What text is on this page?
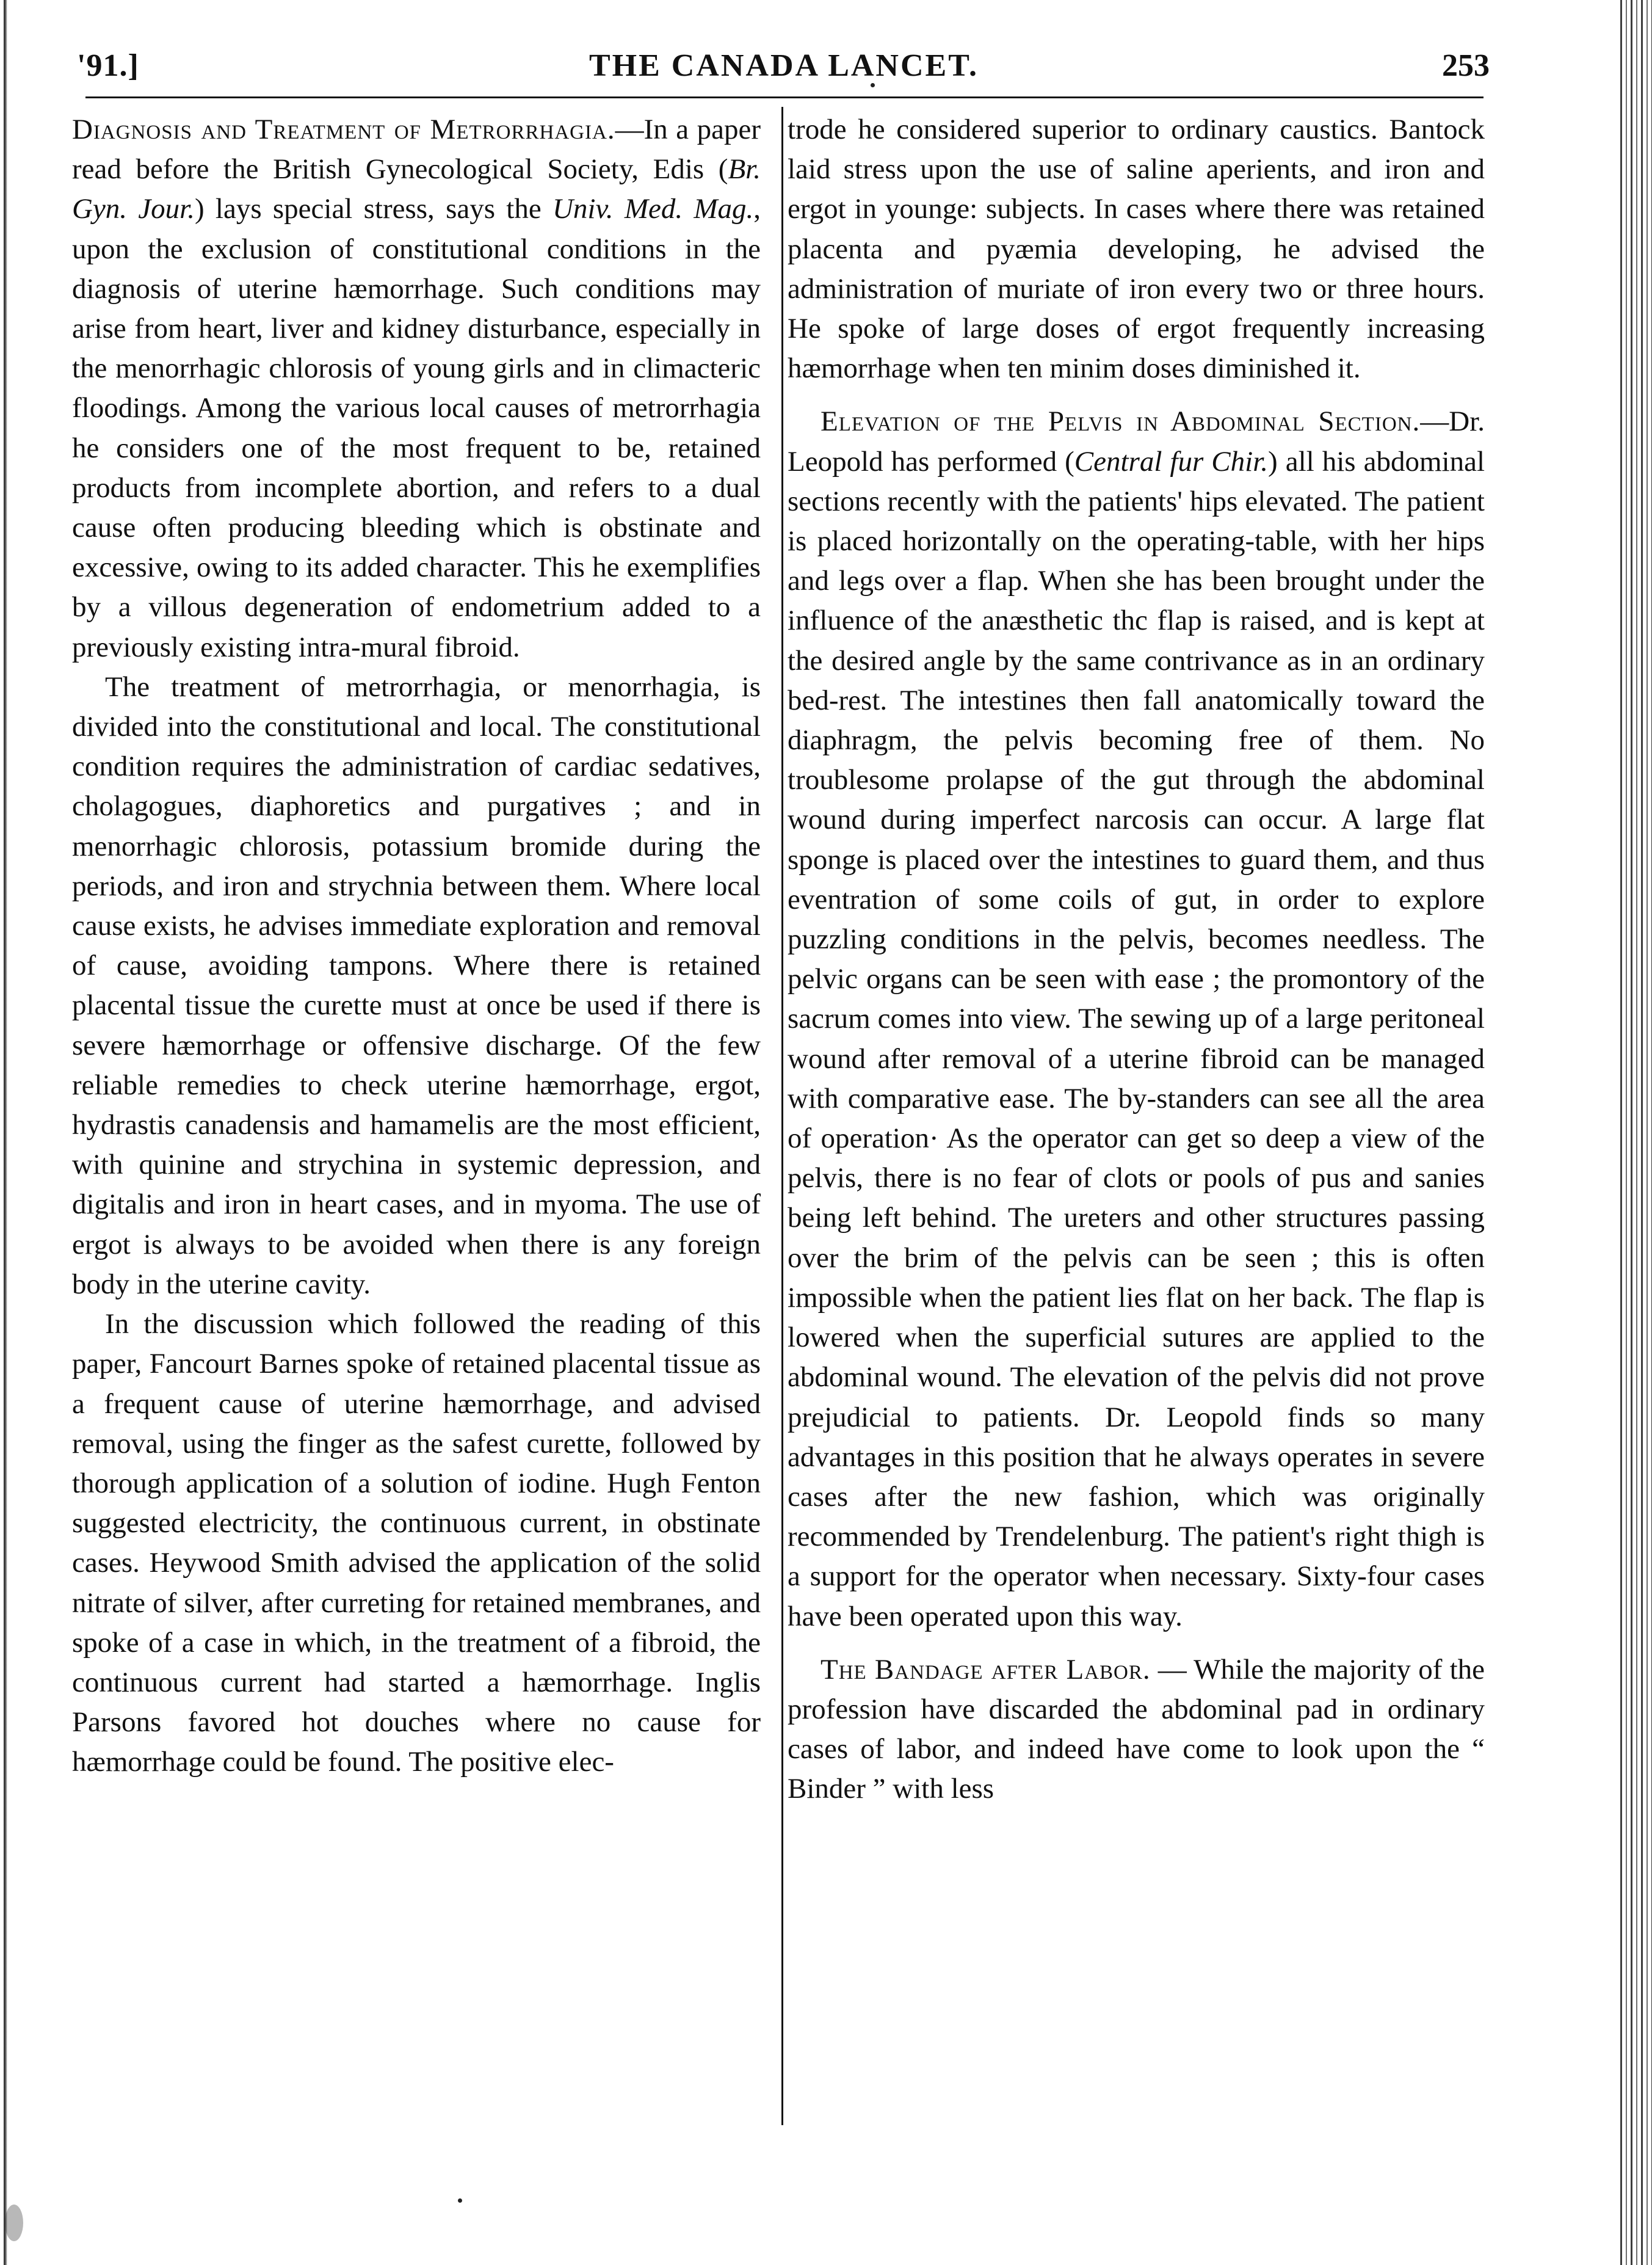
'91.]	THE CANADA LANCET.	253

Diagnosis and Treatment of Metrorrhagia.—In a paper read before the British Gynecological Society, Edis (Br. Gyn. Jour.) lays special stress, says the Univ. Med. Mag., upon the exclusion of constitutional conditions in the diagnosis of uterine hæmorrhage. Such conditions may arise from heart, liver and kidney disturbance, especially in the menorrhagic chlorosis of young girls and in climacteric floodings. Among the various local causes of metrorrhagia he considers one of the most frequent to be, retained products from incomplete abortion, and refers to a dual cause often producing bleeding which is obstinate and excessive, owing to its added character. This he exemplifies by a villous degeneration of endometrium added to a previously existing intra-mural fibroid.

The treatment of metrorrhagia, or menorrhagia, is divided into the constitutional and local. The constitutional condition requires the administration of cardiac sedatives, cholagogues, diaphoretics and purgatives ; and in menorrhagic chlorosis, potassium bromide during the periods, and iron and strychnia between them. Where local cause exists, he advises immediate exploration and removal of cause, avoiding tampons. Where there is retained placental tissue the curette must at once be used if there is severe hæmorrhage or offensive discharge. Of the few reliable remedies to check uterine hæmorrhage, ergot, hydrastis canadensis and hamamelis are the most efficient, with quinine and strychina in systemic depression, and digitalis and iron in heart cases, and in myoma. The use of ergot is always to be avoided when there is any foreign body in the uterine cavity.

In the discussion which followed the reading of this paper, Fancourt Barnes spoke of retained placental tissue as a frequent cause of uterine hæmorrhage, and advised removal, using the finger as the safest curette, followed by thorough application of a solution of iodine. Hugh Fenton suggested electricity, the continuous current, in obstinate cases. Heywood Smith advised the application of the solid nitrate of silver, after curreting for retained membranes, and spoke of a case in which, in the treatment of a fibroid, the continuous current had started a hæmorrhage. Inglis Parsons favored hot douches where no cause for hæmorrhage could be found. The positive elec-

trode he considered superior to ordinary caustics. Bantock laid stress upon the use of saline aperients, and iron and ergot in younge: subjects. In cases where there was retained placenta and pyæmia developing, he advised the administration of muriate of iron every two or three hours. He spoke of large doses of ergot frequently increasing hæmorrhage when ten minim doses diminished it.

Elevation of the Pelvis in Abdominal Section.—Dr. Leopold has performed (Central fur Chir.) all his abdominal sections recently with the patients' hips elevated. The patient is placed horizontally on the operating-table, with her hips and legs over a flap. When she has been brought under the influence of the anæsthetic thc flap is raised, and is kept at the desired angle by the same contrivance as in an ordinary bed-rest. The intestines then fall anatomically toward the diaphragm, the pelvis becoming free of them. No troublesome prolapse of the gut through the abdominal wound during imperfect narcosis can occur. A large flat sponge is placed over the intestines to guard them, and thus eventration of some coils of gut, in order to explore puzzling conditions in the pelvis, becomes needless. The pelvic organs can be seen with ease ; the promontory of the sacrum comes into view. The sewing up of a large peritoneal wound after removal of a uterine fibroid can be managed with comparative ease. The by-standers can see all the area of operation· As the operator can get so deep a view of the pelvis, there is no fear of clots or pools of pus and sanies being left behind. The ureters and other structures passing over the brim of the pelvis can be seen ; this is often impossible when the patient lies flat on her back. The flap is lowered when the superficial sutures are applied to the abdominal wound. The elevation of the pelvis did not prove prejudicial to patients. Dr. Leopold finds so many advantages in this position that he always operates in severe cases after the new fashion, which was originally recommended by Trendelenburg. The patient's right thigh is a support for the operator when necessary. Sixty-four cases have been operated upon this way.

The Bandage after Labor. — While the majority of the profession have discarded the abdominal pad in ordinary cases of labor, and indeed have come to look upon the “ Binder ” with less
